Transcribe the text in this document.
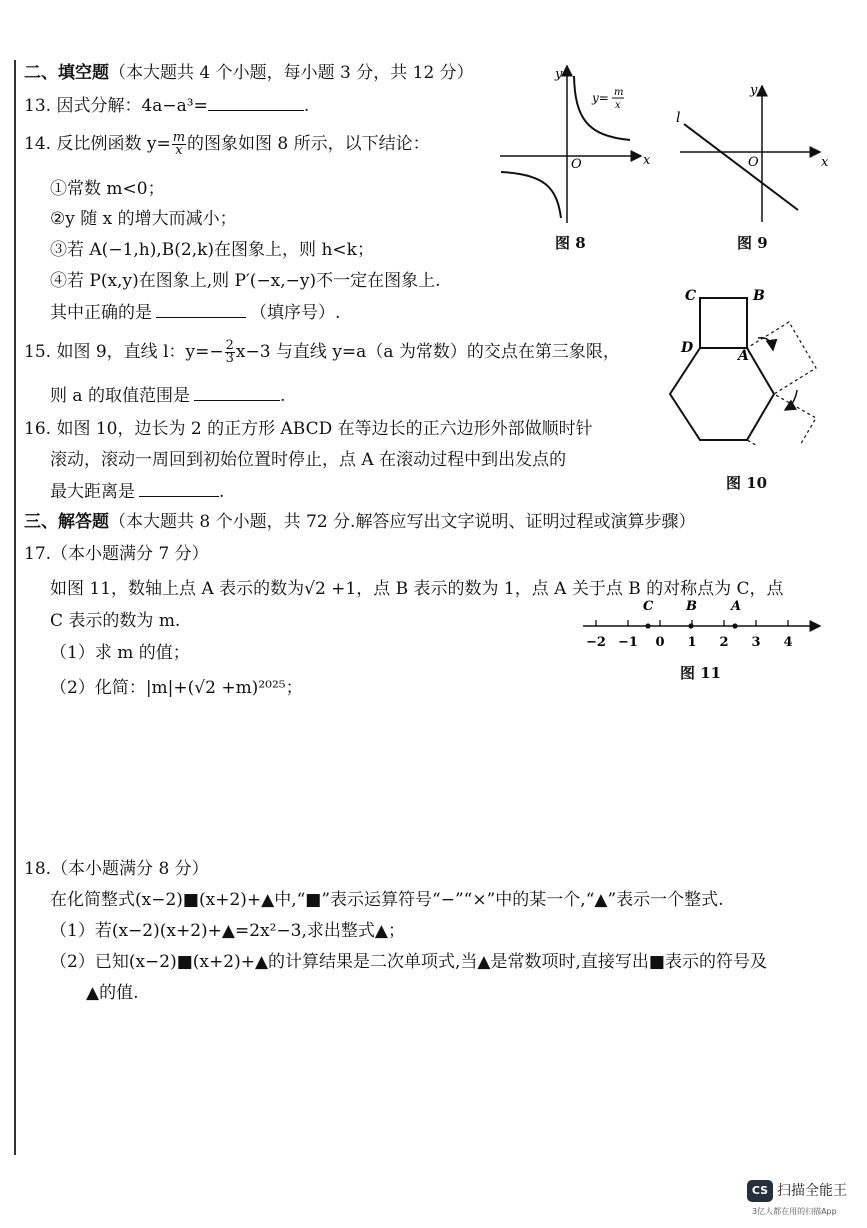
二、填空题（本大题共 4 个小题，每小题 3 分，共 12 分）
13. 因式分解：4a−a³=	.
14. 反比例函数 $y= \frac{m}{x}$ 的图象如图 8 所示，以下结论：
①常数 m<0；
②y 随 x 的增大而减小；
③若 A(−1,h),B(2,k)在图象上，则 h<k；
④若 P(x,y)在图象上,则 P′(−x,−y)不一定在图象上.
其中正确的是	（填序号）.
15. 如图 9，直线 l：$y=- \frac{2}{3} x-3$ 与直线 y=a（a 为常数）的交点在第三象限，
则 a 的取值范围是	.
16. 如图 10，边长为 2 的正方形 ABCD 在等边长的正六边形外部做顺时针
滚动，滚动一周回到初始位置时停止，点 A 在滚动过程中到出发点的
最大距离是	.
三、解答题（本大题共 8 个小题，共 72 分.解答应写出文字说明、证明过程或演算步骤）
17.（本小题满分 7 分）
如图 11，数轴上点 A 表示的数为√2 +1，点 B 表示的数为 1，点 A 关于点 B 的对称点为 C，点
C 表示的数为 m.
（1）求 m 的值；
（2）化简：|m|+(√2 +m)²⁰²⁵；
18.（本小题满分 8 分）
在化简整式(x−2)■(x+2)+▲中,“■”表示运算符号“−”“×”中的某一个,“▲”表示一个整式.
（1）若(x−2)(x+2)+▲=2x²−3,求出整式▲；
（2）已知(x−2)■(x+2)+▲的计算结果是二次单项式,当▲是常数项时,直接写出■表示的符号及
▲的值.
y
x
O
y= m
x
图 8
y
x
O
l
图 9
C	B
D	A
图 10
−2 −1 0 1 2 3 4
C	B	A
图 11
CS 扫描全能王
3亿人都在用的扫描App
